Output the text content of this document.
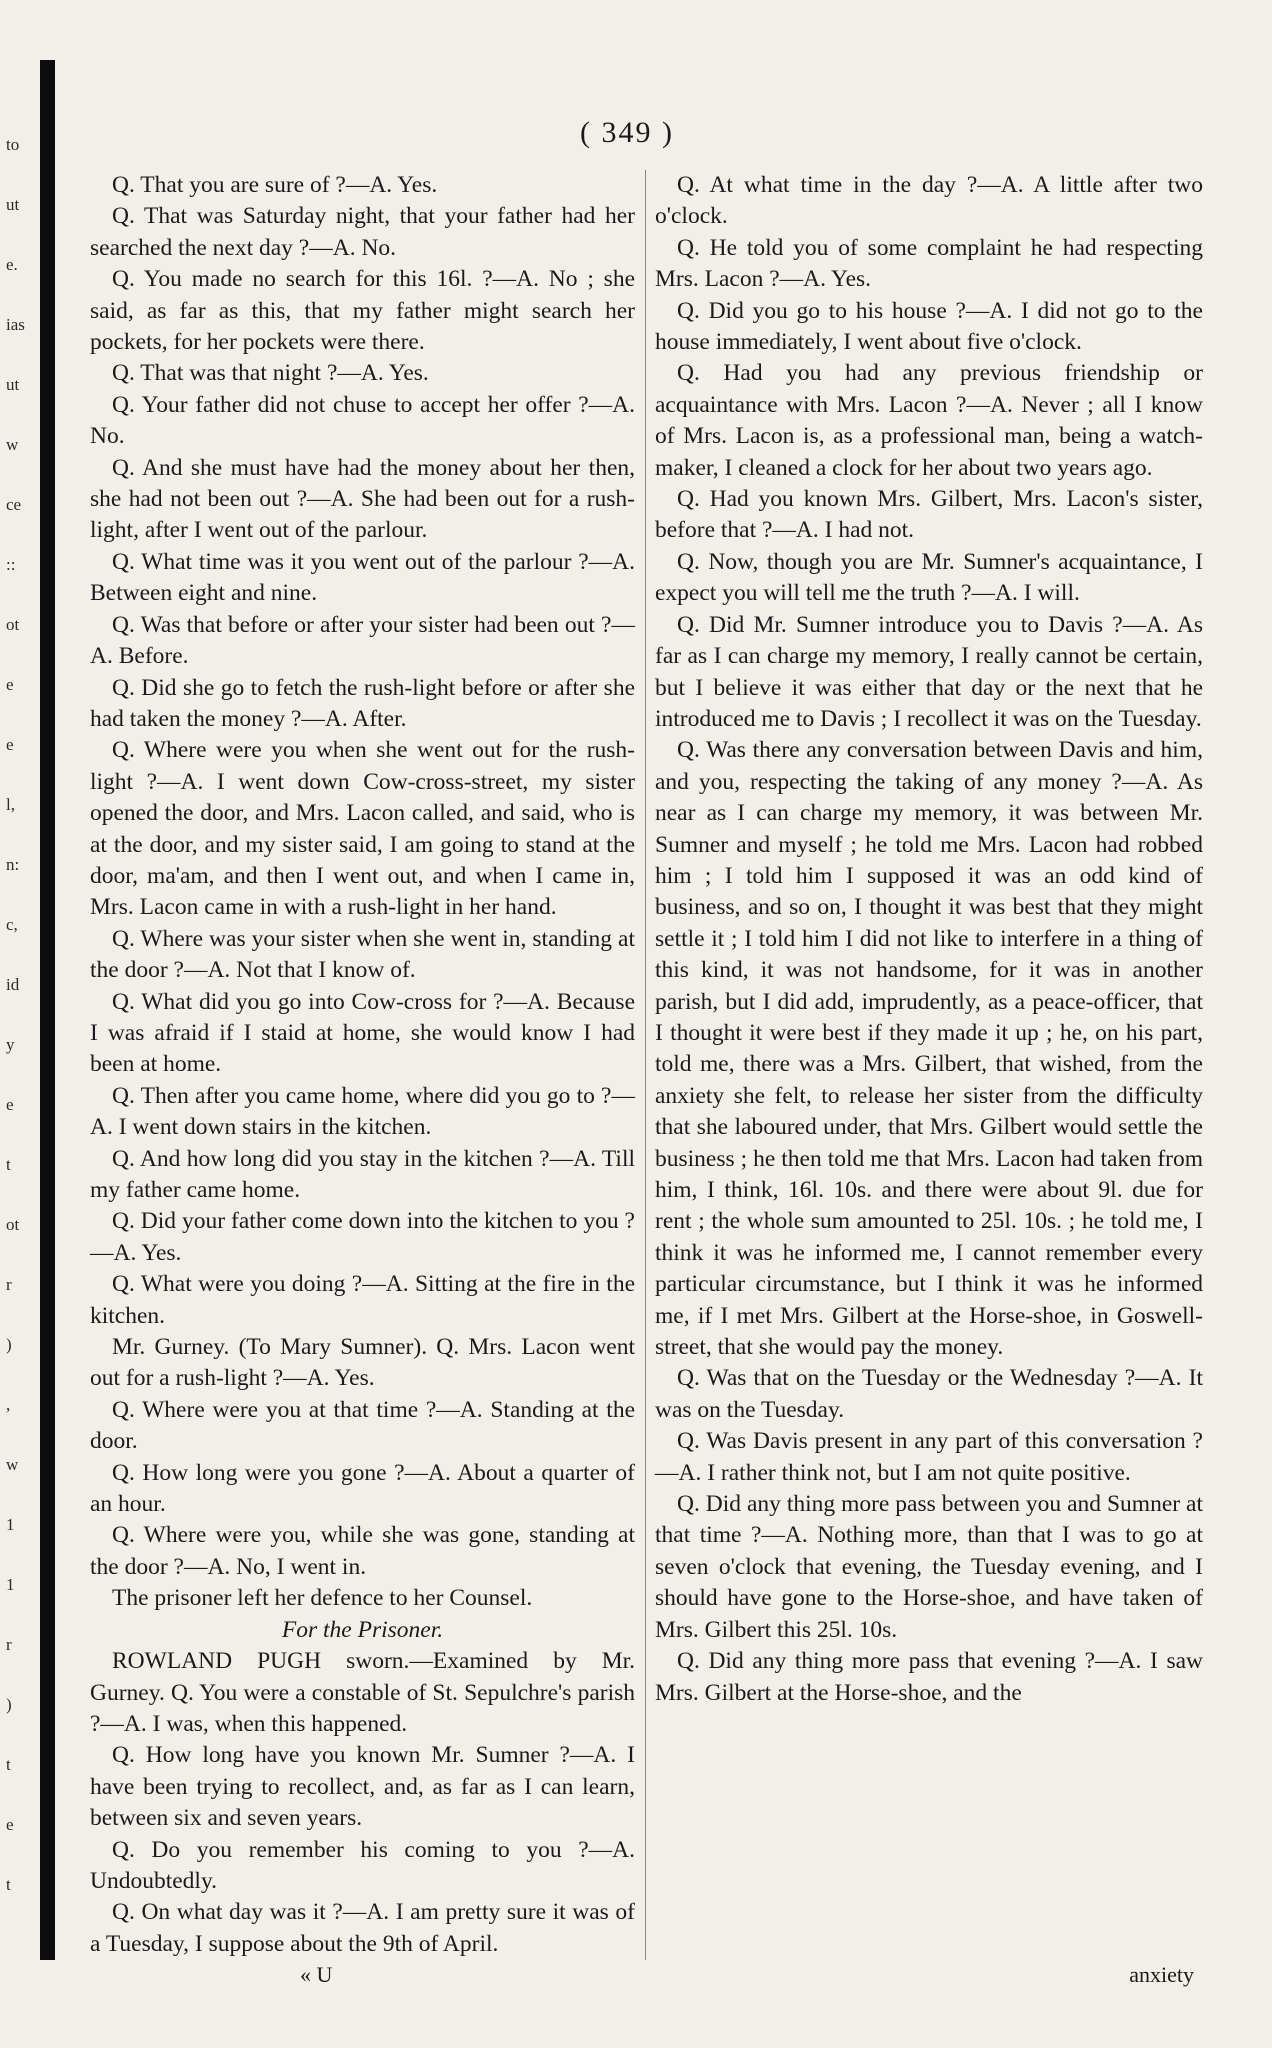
to
ut
e.
ias
ut
w
ce
::
ot
e
e
l,
n:
c,
id
y
e
t
ot
r
)
,
w
1
1
r
)
t
e
t
( 349 )

Q. That you are sure of ?—A. Yes.

Q. That was Saturday night, that your father had her searched the next day ?—A. No.

Q. You made no search for this 16l. ?—A. No ; she said, as far as this, that my father might search her pockets, for her pockets were there.

Q. That was that night ?—A. Yes.

Q. Your father did not chuse to accept her offer ?—A. No.

Q. And she must have had the money about her then, she had not been out ?—A. She had been out for a rush-light, after I went out of the parlour.

Q. What time was it you went out of the parlour ?—A. Between eight and nine.

Q. Was that before or after your sister had been out ?—A. Before.

Q. Did she go to fetch the rush-light before or after she had taken the money ?—A. After.

Q. Where were you when she went out for the rush-light ?—A. I went down Cow-cross-street, my sister opened the door, and Mrs. Lacon called, and said, who is at the door, and my sister said, I am going to stand at the door, ma'am, and then I went out, and when I came in, Mrs. Lacon came in with a rush-light in her hand.

Q. Where was your sister when she went in, standing at the door ?—A. Not that I know of.

Q. What did you go into Cow-cross for ?—A. Because I was afraid if I staid at home, she would know I had been at home.

Q. Then after you came home, where did you go to ?—A. I went down stairs in the kitchen.

Q. And how long did you stay in the kitchen ?—A. Till my father came home.

Q. Did your father come down into the kitchen to you ?—A. Yes.

Q. What were you doing ?—A. Sitting at the fire in the kitchen.

Mr. Gurney. (To Mary Sumner). Q. Mrs. Lacon went out for a rush-light ?—A. Yes.

Q. Where were you at that time ?—A. Standing at the door.

Q. How long were you gone ?—A. About a quarter of an hour.

Q. Where were you, while she was gone, standing at the door ?—A. No, I went in.

The prisoner left her defence to her Counsel.

For the Prisoner.

ROWLAND PUGH sworn.—Examined by Mr. Gurney. Q. You were a constable of St. Sepulchre's parish ?—A. I was, when this happened.

Q. How long have you known Mr. Sumner ?—A. I have been trying to recollect, and, as far as I can learn, between six and seven years.

Q. Do you remember his coming to you ?—A. Undoubtedly.

Q. On what day was it ?—A. I am pretty sure it was of a Tuesday, I suppose about the 9th of April.

Q. At what time in the day ?—A. A little after two o'clock.

Q. He told you of some complaint he had respecting Mrs. Lacon ?—A. Yes.

Q. Did you go to his house ?—A. I did not go to the house immediately, I went about five o'clock.

Q. Had you had any previous friendship or acquaintance with Mrs. Lacon ?—A. Never ; all I know of Mrs. Lacon is, as a professional man, being a watch-maker, I cleaned a clock for her about two years ago.

Q. Had you known Mrs. Gilbert, Mrs. Lacon's sister, before that ?—A. I had not.

Q. Now, though you are Mr. Sumner's acquaintance, I expect you will tell me the truth ?—A. I will.

Q. Did Mr. Sumner introduce you to Davis ?—A. As far as I can charge my memory, I really cannot be certain, but I believe it was either that day or the next that he introduced me to Davis ; I recollect it was on the Tuesday.

Q. Was there any conversation between Davis and him, and you, respecting the taking of any money ?—A. As near as I can charge my memory, it was between Mr. Sumner and myself ; he told me Mrs. Lacon had robbed him ; I told him I supposed it was an odd kind of business, and so on, I thought it was best that they might settle it ; I told him I did not like to interfere in a thing of this kind, it was not handsome, for it was in another parish, but I did add, imprudently, as a peace-officer, that I thought it were best if they made it up ; he, on his part, told me, there was a Mrs. Gilbert, that wished, from the anxiety she felt, to release her sister from the difficulty that she laboured under, that Mrs. Gilbert would settle the business ; he then told me that Mrs. Lacon had taken from him, I think, 16l. 10s. and there were about 9l. due for rent ; the whole sum amounted to 25l. 10s. ; he told me, I think it was he informed me, I cannot remember every particular circumstance, but I think it was he informed me, if I met Mrs. Gilbert at the Horse-shoe, in Goswell-street, that she would pay the money.

Q. Was that on the Tuesday or the Wednesday ?—A. It was on the Tuesday.

Q. Was Davis present in any part of this conversation ?—A. I rather think not, but I am not quite positive.

Q. Did any thing more pass between you and Sumner at that time ?—A. Nothing more, than that I was to go at seven o'clock that evening, the Tuesday evening, and I should have gone to the Horse-shoe, and have taken of Mrs. Gilbert this 25l. 10s.

Q. Did any thing more pass that evening ?—A. I saw Mrs. Gilbert at the Horse-shoe, and the

« U	anxiety
